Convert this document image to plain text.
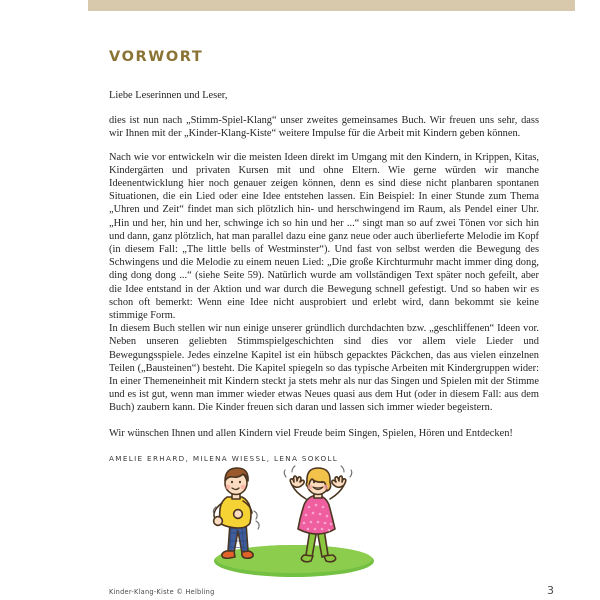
VORWORT

Liebe Leserinnen und Leser,

dies ist nun nach „Stimm-Spiel-Klang“ unser zweites gemeinsames Buch. Wir freuen uns sehr, dass wir Ihnen mit der „Kinder-Klang-Kiste“ weitere Impulse für die Arbeit mit Kindern geben können.

Nach wie vor entwickeln wir die meisten Ideen direkt im Umgang mit den Kindern, in Krippen, Kitas, Kindergärten und privaten Kursen mit und ohne Eltern. Wie gerne würden wir manche Ideenentwicklung hier noch genauer zeigen können, denn es sind diese nicht planbaren spontanen Situationen, die ein Lied oder eine Idee entstehen lassen. Ein Beispiel: In einer Stunde zum Thema „Uhren und Zeit“ findet man sich plötzlich hin- und herschwingend im Raum, als Pendel einer Uhr. „Hin und her, hin und her, schwinge ich so hin und her ...“ singt man so auf zwei Tönen vor sich hin und dann, ganz plötzlich, hat man parallel dazu eine ganz neue oder auch überlieferte Melodie im Kopf (in diesem Fall: „The little bells of Westminster“). Und fast von selbst werden die Bewegung des Schwingens und die Melodie zu einem neuen Lied: „Die große Kirchturmuhr macht immer ding dong, ding dong dong ...“ (siehe Seite 59). Natürlich wurde am vollständigen Text später noch gefeilt, aber die Idee entstand in der Aktion und war durch die Bewegung schnell gefestigt. Und so haben wir es schon oft bemerkt: Wenn eine Idee nicht ausprobiert und erlebt wird, dann bekommt sie keine stimmige Form.

In diesem Buch stellen wir nun einige unserer gründlich durchdachten bzw. „geschliffenen“ Ideen vor. Neben unseren geliebten Stimmspielgeschichten sind dies vor allem viele Lieder und Bewegungsspiele. Jedes einzelne Kapitel ist ein hübsch gepacktes Päckchen, das aus vielen einzelnen Teilen („Bausteinen“) besteht. Die Kapitel spiegeln so das typische Arbeiten mit Kindergruppen wider: In einer Themeneinheit mit Kindern steckt ja stets mehr als nur das Singen und Spielen mit der Stimme und es ist gut, wenn man immer wieder etwas Neues quasi aus dem Hut (oder in diesem Fall: aus dem Buch) zaubern kann. Die Kinder freuen sich daran und lassen sich immer wieder begeistern.

Wir wünschen Ihnen und allen Kindern viel Freude beim Singen, Spielen, Hören und Entdecken!

AMELIE ERHARD, MILENA WIESSL, LENA SOKOLL
Kinder-Klang-Kiste © Helbling	3
